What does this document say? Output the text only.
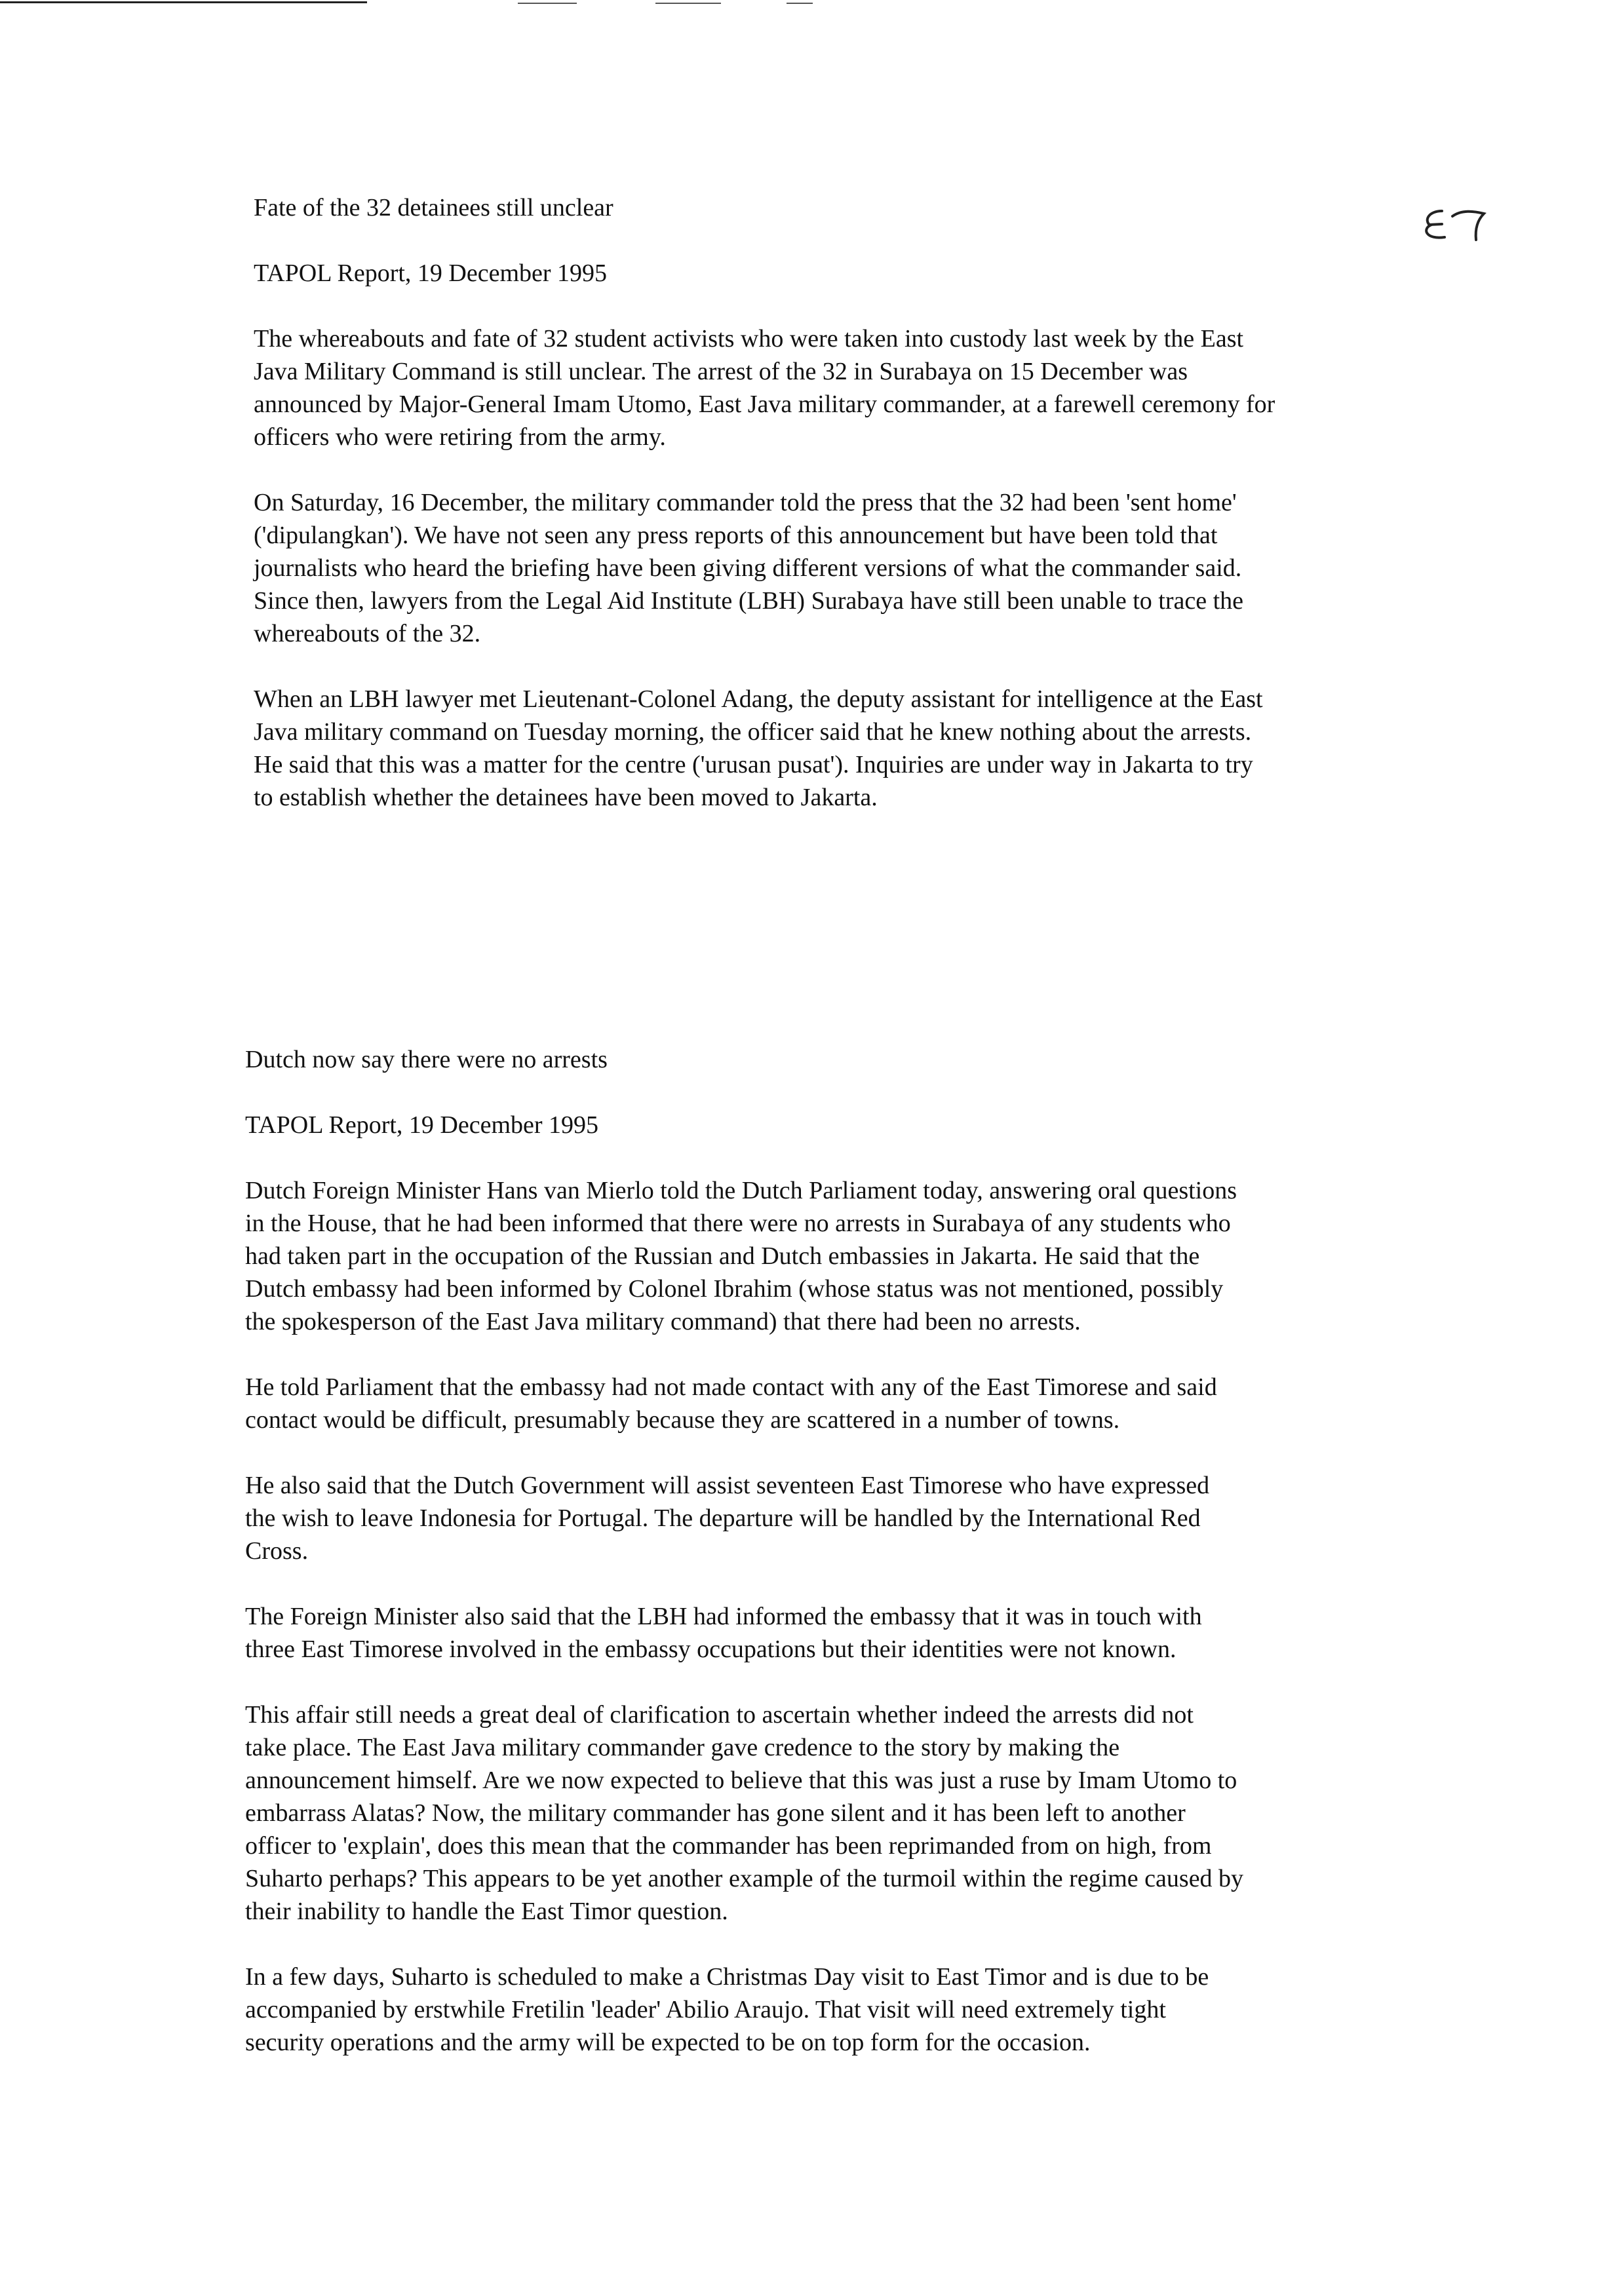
Fate of the 32 detainees still unclear

TAPOL Report, 19 December 1995

The whereabouts and fate of 32 student activists who were taken into custody last week by the East
Java Military Command is still unclear. The arrest of the 32 in Surabaya on 15 December was
announced by Major-General Imam Utomo, East Java military commander, at a farewell ceremony for
officers who were retiring from the army.

On Saturday, 16 December, the military commander told the press that the 32 had been 'sent home'
('dipulangkan'). We have not seen any press reports of this announcement but have been told that
journalists who heard the briefing have been giving different versions of what the commander said.
Since then, lawyers from the Legal Aid Institute (LBH) Surabaya have still been unable to trace the
whereabouts of the 32.

When an LBH lawyer met Lieutenant-Colonel Adang, the deputy assistant for intelligence at the East
Java military command on Tuesday morning, the officer said that he knew nothing about the arrests.
He said that this was a matter for the centre ('urusan pusat'). Inquiries are under way in Jakarta to try
to establish whether the detainees have been moved to Jakarta.

Dutch now say there were no arrests

TAPOL Report, 19 December 1995

Dutch Foreign Minister Hans van Mierlo told the Dutch Parliament today, answering oral questions
in the House, that he had been informed that there were no arrests in Surabaya of any students who
had taken part in the occupation of the Russian and Dutch embassies in Jakarta. He said that the
Dutch embassy had been informed by Colonel Ibrahim (whose status was not mentioned, possibly
the spokesperson of the East Java military command) that there had been no arrests.

He told Parliament that the embassy had not made contact with any of the East Timorese and said
contact would be difficult, presumably because they are scattered in a number of towns.

He also said that the Dutch Government will assist seventeen East Timorese who have expressed
the wish to leave Indonesia for Portugal. The departure will be handled by the International Red
Cross.

The Foreign Minister also said that the LBH had informed the embassy that it was in touch with
three East Timorese involved in the embassy occupations but their identities were not known.

This affair still needs a great deal of clarification to ascertain whether indeed the arrests did not
take place. The East Java military commander gave credence to the story by making the
announcement himself. Are we now expected to believe that this was just a ruse by Imam Utomo to
embarrass Alatas? Now, the military commander has gone silent and it has been left to another
officer to 'explain', does this mean that the commander has been reprimanded from on high, from
Suharto perhaps? This appears to be yet another example of the turmoil within the regime caused by
their inability to handle the East Timor question.

In a few days, Suharto is scheduled to make a Christmas Day visit to East Timor and is due to be
accompanied by erstwhile Fretilin 'leader' Abilio Araujo. That visit will need extremely tight
security operations and the army will be expected to be on top form for the occasion.
